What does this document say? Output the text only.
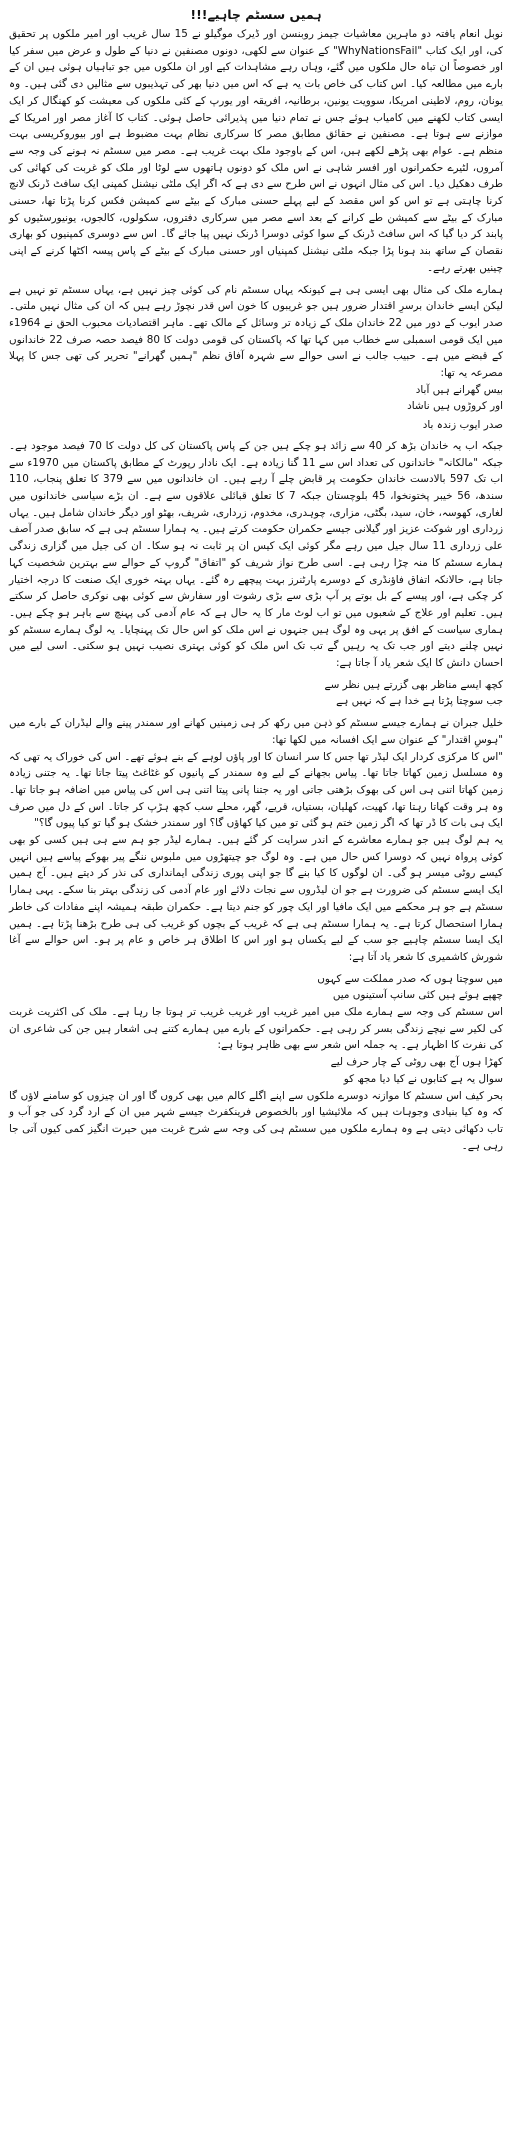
ہمیں سسٹم چاہیے!!!

نوبل انعام یافتہ دو ماہرین معاشیات جیمز روبنسن اور ڈیرک موگیلو نے 15 سال غریب اور امیر ملکوں پر تحقیق کی، اور ایک کتاب "WhyNationsFail" کے عنوان سے لکھی، دونوں مصنفین نے دنیا کے طول و عرض میں سفر کیا اور خصوصاً ان تباہ حال ملکوں میں گئے، وہاں رہے مشاہدات کیے اور ان ملکوں میں جو تباہیاں ہوئی ہیں ان کے بارے میں مطالعہ کیا۔ اس کتاب کی خاص بات یہ ہے کہ اس میں دنیا بھر کی تہذیبوں سے مثالیں دی گئی ہیں۔ وہ یونان، روم، لاطینی امریکا، سوویت یونین، برطانیہ، افریقہ اور یورپ کے کئی ملکوں کی معیشت کو کھنگال کر ایک ایسی کتاب لکھنے میں کامیاب ہوئے جس نے تمام دنیا میں پذیرائی حاصل ہوئی۔ کتاب کا آغاز مصر اور امریکا کے موازنے سے ہوتا ہے۔ مصنفین نے حقائق مطابق مصر کا سرکاری نظام بہت مضبوط ہے اور بیوروکریسی بہت منظم ہے۔ عوام بھی پڑھے لکھے ہیں، اس کے باوجود ملک بہت غریب ہے۔ مصر میں سسٹم نہ ہونے کی وجہ سے آمروں، لٹیرے حکمرانوں اور افسر شاہی نے اس ملک کو دونوں ہاتھوں سے لوٹا اور ملک کو غربت کی کھائی کی طرف دھکیل دیا۔ اس کی مثال انہوں نے اس طرح سے دی ہے کہ اگر ایک ملٹی نیشنل کمپنی ایک سافٹ ڈرنک لانچ کرنا چاہتی ہے تو اس کو اس مقصد کے لیے پہلے حسنی مبارک کے بیٹے سے کمیشن فکس کرنا پڑتا تھا، حسنی مبارک کے بیٹے سے کمیشن طے کرانے کے بعد اسے مصر میں سرکاری دفتروں، سکولوں، کالجوں، یونیورسٹیوں کو پابند کر دیا گیا کہ اس سافٹ ڈرنک کے سوا کوئی دوسرا ڈرنک نہیں پیا جائے گا۔ اس سے دوسری کمپنیوں کو بھاری نقصان کے ساتھ بند ہونا پڑا جبکہ ملٹی نیشنل کمپنیاں اور حسنی مبارک کے بیٹے کے پاس پیسہ اکٹھا کرنے کے اپنی چینیں بھرتے رہے۔

ہمارے ملک کی مثال بھی ایسی ہی ہے کیونکہ یہاں سسٹم نام کی کوئی چیز نہیں ہے، یہاں سسٹم تو نہیں ہے لیکن ایسے خاندان برسرِ اقتدار ضرور ہیں جو غریبوں کا خون اس قدر نچوڑ رہے ہیں کہ ان کی مثال نہیں ملتی۔ صدر ایوب کے دور میں 22 خاندان ملک کے زیادہ تر وسائل کے مالک تھے۔ ماہر اقتصادیات محبوب الحق نے 1964ء میں ایک قومی اسمبلی سے خطاب میں کہا تھا کہ پاکستان کی قومی دولت کا 80 فیصد حصہ صرف 22 خاندانوں کے قبضے میں ہے۔ حبیب جالب نے اسی حوالے سے شہرہ آفاق نظم "ہمیں گھرانے" تحریر کی تھی جس کا پہلا مصرعہ یہ تھا:

بیس گھرانے ہیں آباد
اور کروڑوں ہیں ناشاد
صدر ایوب زندہ باد

جبکہ اب یہ خاندان بڑھ کر 40 سے زائد ہو چکے ہیں جن کے پاس پاکستان کی کل دولت کا 70 فیصد موجود ہے۔ جبکہ "مالکانہ" خاندانوں کی تعداد اس سے 11 گنا زیادہ ہے۔ ایک نادار رپورٹ کے مطابق پاکستان میں 1970ء سے اب تک 597 بالادست خاندان حکومت پر قابض چلے آ رہے ہیں۔ ان خاندانوں میں سے 379 کا تعلق پنجاب، 110 سندھ، 56 خیبر پختونخوا، 45 بلوچستان جبکہ 7 کا تعلق قبائلی علاقوں سے ہے۔ ان بڑے سیاسی خاندانوں میں لغاری، کھوسہ، خان، سید، بگٹی، مزاری، چوہدری، مخدوم، زرداری، شریف، بھٹو اور دیگر خاندان شامل ہیں۔ یہاں زرداری اور شوکت عزیز اور گیلانی جیسے حکمران حکومت کرتے ہیں۔ یہ ہمارا سسٹم ہی ہے کہ سابق صدر آصف علی زرداری 11 سال جیل میں رہے مگر کوئی ایک کیس ان پر ثابت نہ ہو سکا۔ ان کی جیل میں گزاری زندگی ہمارے سسٹم کا منہ چڑا رہی ہے۔ اسی طرح نواز شریف کو "اتفاق" گروپ کے حوالے سے بہترین شخصیت کہا جاتا ہے، حالانکہ اتفاق فاؤنڈری کے دوسرے پارٹنرز بہت پیچھے رہ گئے۔ یہاں بہتہ خوری ایک صنعت کا درجہ اختیار کر چکی ہے، اور پیسے کے بل بوتے پر آپ بڑی سے بڑی رشوت اور سفارش سے کوئی بھی نوکری حاصل کر سکتے ہیں۔ تعلیم اور علاج کے شعبوں میں تو اب لوٹ مار کا یہ حال ہے کہ عام آدمی کی پہنچ سے باہر ہو چکے ہیں۔ ہماری سیاست کے افق پر یہی وہ لوگ ہیں جنہوں نے اس ملک کو اس حال تک پہنچایا۔ یہ لوگ ہمارے سسٹم کو نہیں چلنے دیتے اور جب تک یہ رہیں گے تب تک اس ملک کو کوئی بہتری نصیب نہیں ہو سکتی۔ اسی لیے میں احسان دانش کا ایک شعر یاد آ جاتا ہے:

کچھ ایسے مناظر بھی گزرتے ہیں نظر سے
جب سوچتا پڑتا ہے خدا ہے کہ نہیں ہے

خلیل جبران نے ہمارے جیسے سسٹم کو ذہن میں رکھ کر ہی زمینیں کھانے اور سمندر پینے والے لیڈران کے بارے میں "ہوسِ اقتدار" کے عنوان سے ایک افسانہ میں لکھا تھا:

"اس کا مرکزی کردار ایک لیڈر تھا جس کا سر انسان کا اور پاؤں لوہے کے بنے ہوئے تھے۔ اس کی خوراک یہ تھی کہ وہ مسلسل زمین کھاتا جاتا تھا۔ پیاس بجھانے کے لیے وہ سمندر کے پانیوں کو غٹاغٹ پیتا جاتا تھا۔ یہ جتنی زیادہ زمین کھاتا اتنی ہی اس کی بھوک بڑھتی جاتی اور یہ جتنا پانی پیتا اتنی ہی اس کی پیاس میں اضافہ ہو جاتا تھا۔ وہ ہر وقت کھاتا رہتا تھا، کھیت، کھلیان، بستیاں، قریے، گھر، محلے سب کچھ ہڑپ کر جاتا۔ اس کے دل میں صرف ایک ہی بات کا ڈر تھا کہ اگر زمین ختم ہو گئی تو میں کیا کھاؤں گا؟ اور سمندر خشک ہو گیا تو کیا پیوں گا؟"

یہ ہم لوگ ہیں جو ہمارے معاشرے کے اندر سرایت کر گئے ہیں۔ ہمارے لیڈر جو ہم سے ہی ہیں کسی کو بھی کوئی پرواہ نہیں کہ دوسرا کس حال میں ہے۔ وہ لوگ جو چیتھڑوں میں ملبوس ننگے پیر بھوکے پیاسے ہیں انہیں کیسے روٹی میسر ہو گی۔ ان لوگوں کا کیا بنے گا جو اپنی پوری زندگی ایمانداری کی نذر کر دیتے ہیں۔ آج ہمیں ایک ایسے سسٹم کی ضرورت ہے جو ان لیڈروں سے نجات دلائے اور عام آدمی کی زندگی بہتر بنا سکے۔ یہی ہمارا سسٹم ہے جو ہر محکمے میں ایک مافیا اور ایک چور کو جنم دیتا ہے۔ حکمران طبقہ ہمیشہ اپنے مفادات کی خاطر ہمارا استحصال کرتا ہے۔ یہ ہمارا سسٹم ہی ہے کہ غریب کے بچوں کو غریب کی ہی طرح بڑھنا پڑتا ہے۔ ہمیں ایک ایسا سسٹم چاہیے جو سب کے لیے یکساں ہو اور اس کا اطلاق ہر خاص و عام پر ہو۔ اس حوالے سے آغا شورش کاشمیری کا شعر یاد آتا ہے:

میں سوچتا ہوں کہ صدر مملکت سے کہوں
چھپے ہوئے ہیں کئی سانپ آستینوں میں

اس سسٹم کی وجہ سے ہمارے ملک میں امیر غریب اور غریب غریب تر ہوتا جا رہا ہے۔ ملک کی اکثریت غربت کی لکیر سے نیچے زندگی بسر کر رہی ہے۔ حکمرانوں کے بارے میں ہمارے کتنے ہی اشعار ہیں جن کی شاعری ان کی نفرت کا اظہار ہے۔ یہ جملہ اس شعر سے بھی ظاہر ہوتا ہے:

کھڑا ہوں آج بھی روٹی کے چار حرف لیے
سوال یہ ہے کتابوں نے کیا دیا مجھ کو

بحر کیف اس سسٹم کا موازنہ دوسرے ملکوں سے اپنے اگلے کالم میں بھی کروں گا اور ان چیزوں کو سامنے لاؤں گا کہ وہ کیا بنیادی وجوہات ہیں کہ ملائیشیا اور بالخصوص فرینکفرٹ جیسے شہر میں ان کے ارد گرد کی جو آب و تاب دکھائی دیتی ہے وہ ہمارے ملکوں میں سسٹم ہی کی وجہ سے شرح غربت میں حیرت انگیز کمی کیوں آتی جا رہی ہے۔
